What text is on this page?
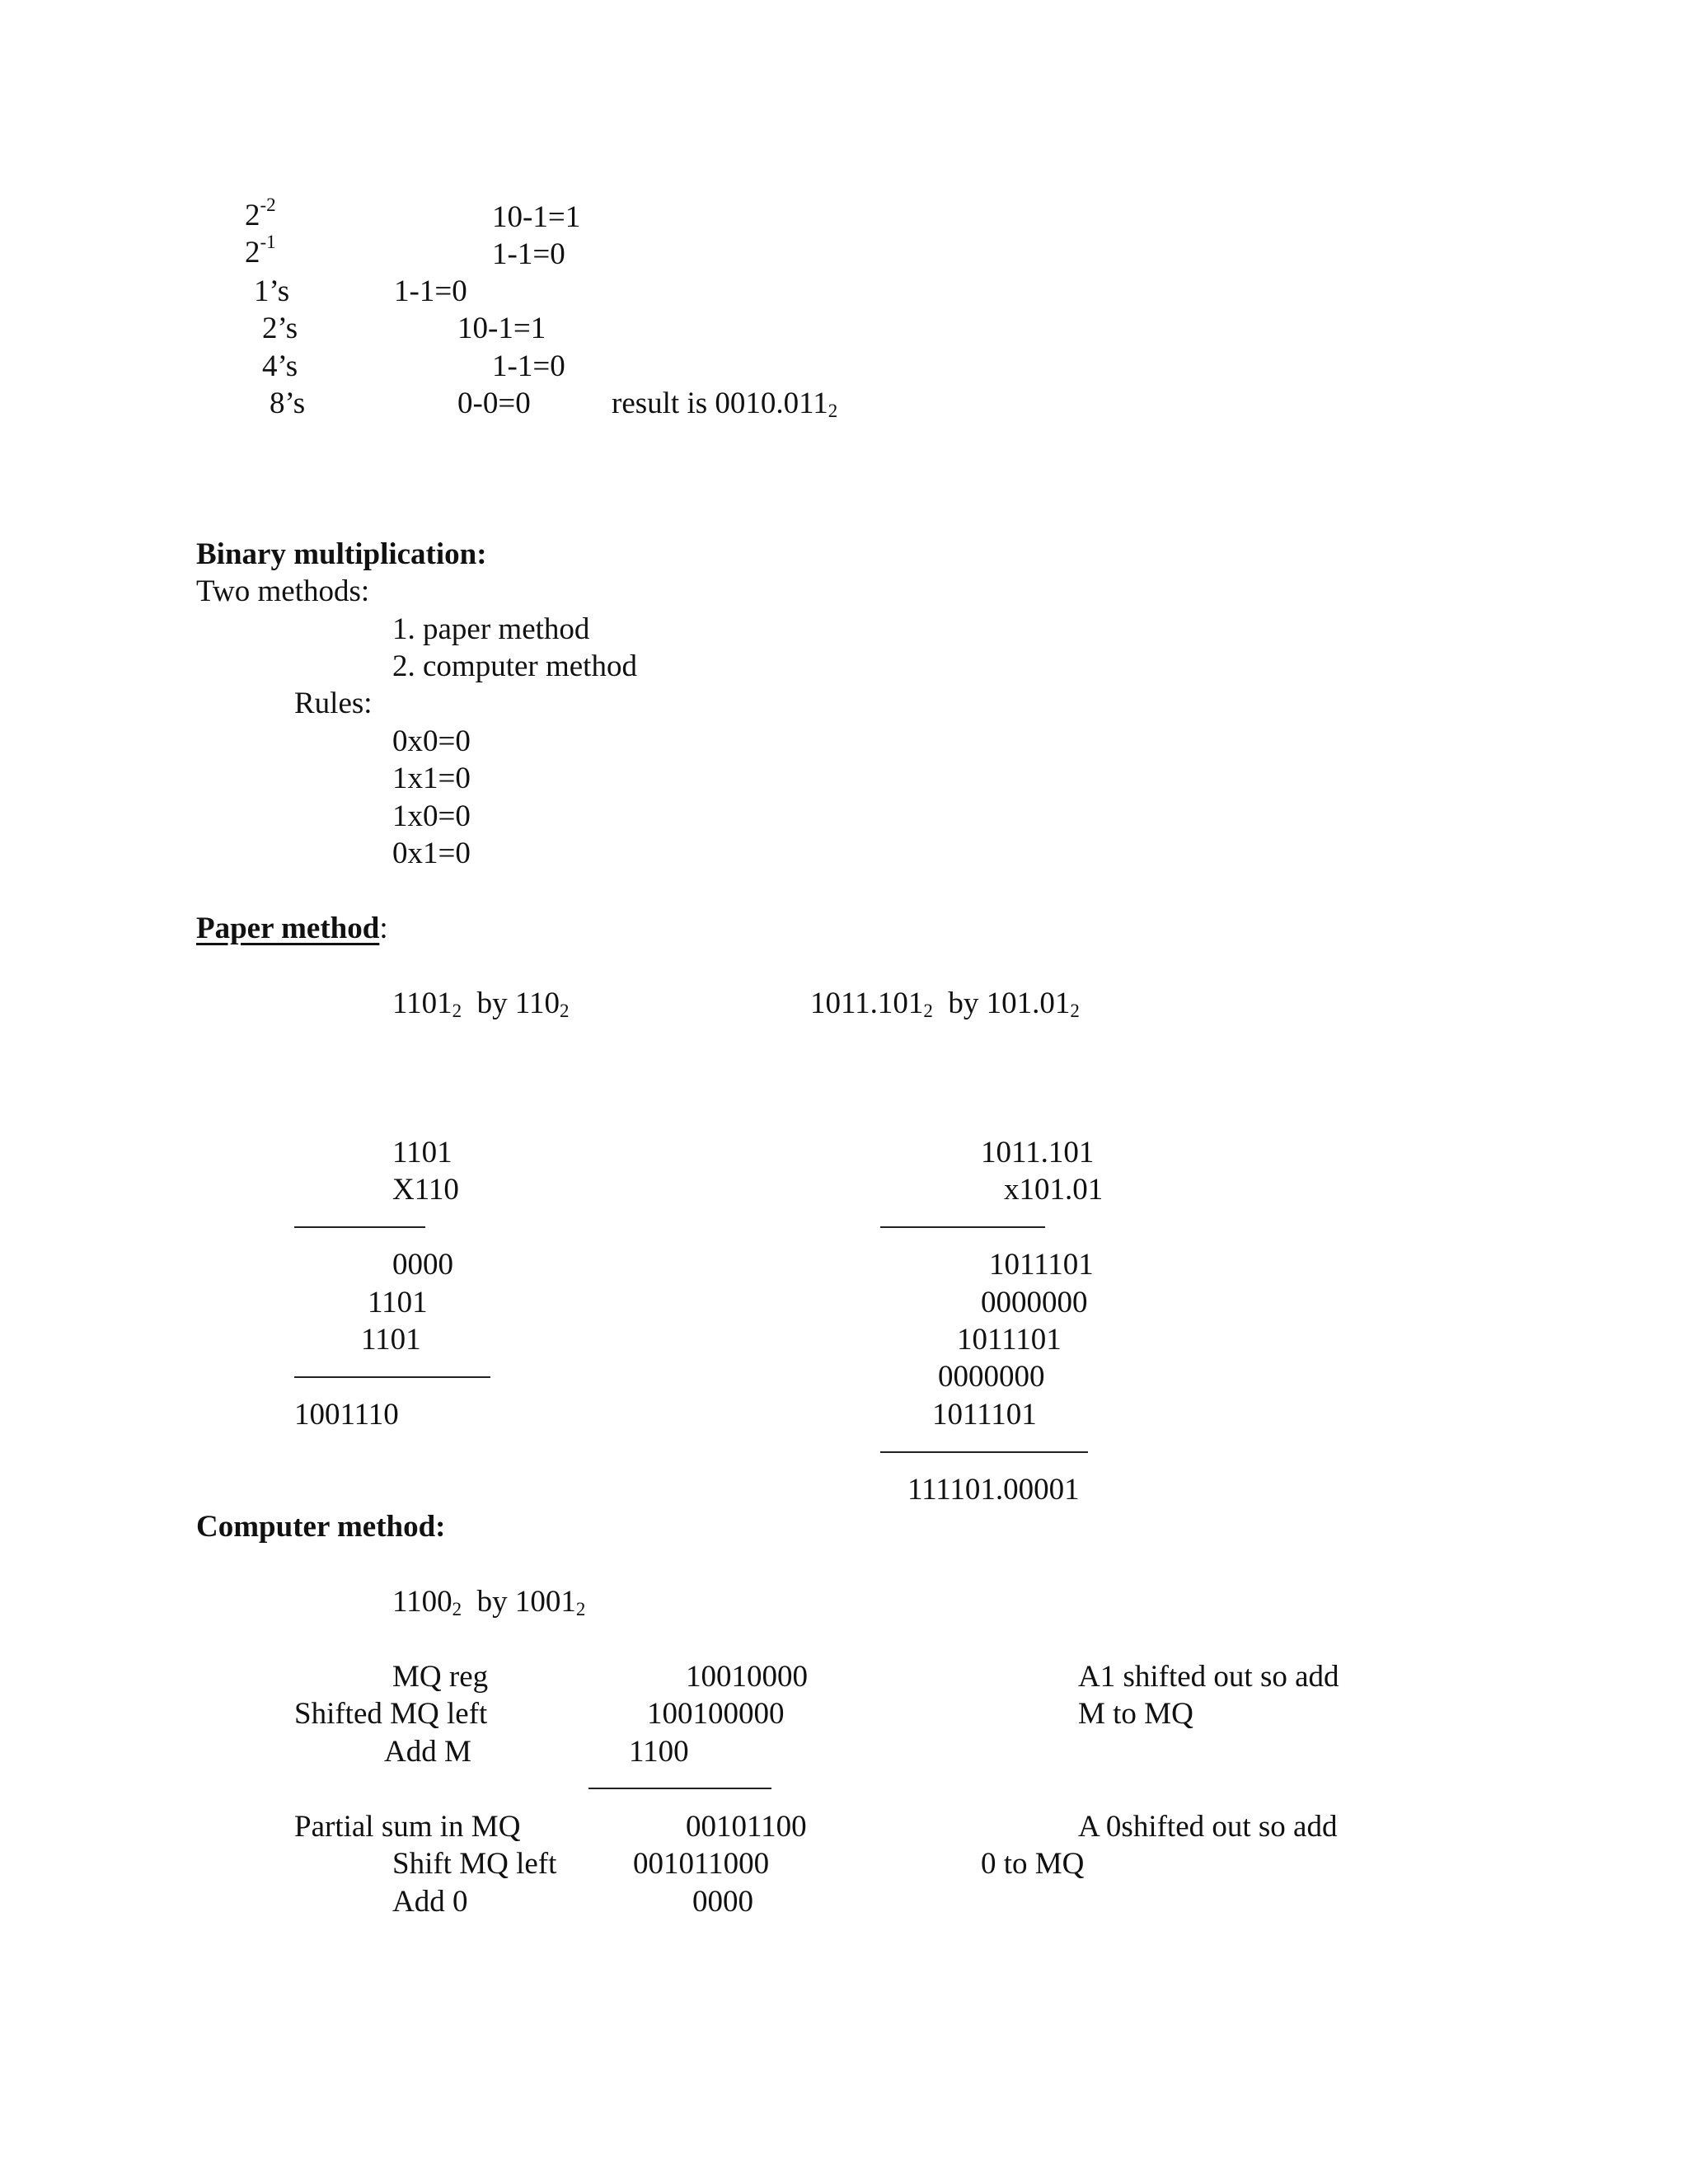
$2^{-2}$	10-1=1
$2^{-1}$	1-1=0
1’s	1-1=0
2’s	10-1=1
4’s	1-1=0
8’s	0-0=0	result is $0010.011_2$
Binary multiplication:
Two methods:
1. paper method
2. computer method
Rules:
0x0=0
1x1=0
1x0=0
0x1=0
Paper method:
$1101_2$ by $110_2$	$1011.101_2$ by $101.01_2$
1101
X110
0000
1101
1101
1001110
1011.101
x101.01
1011101
0000000
1011101
0000000
1011101
111101.00001
Computer method:
$1100_2$ by $1001_2$
MQ reg	10010000	A1 shifted out so add
Shifted MQ left	100100000	M to MQ
Add M	1100
Partial sum in MQ	00101100	A 0shifted out so add
Shift MQ left	001011000	0 to MQ
Add 0	0000
